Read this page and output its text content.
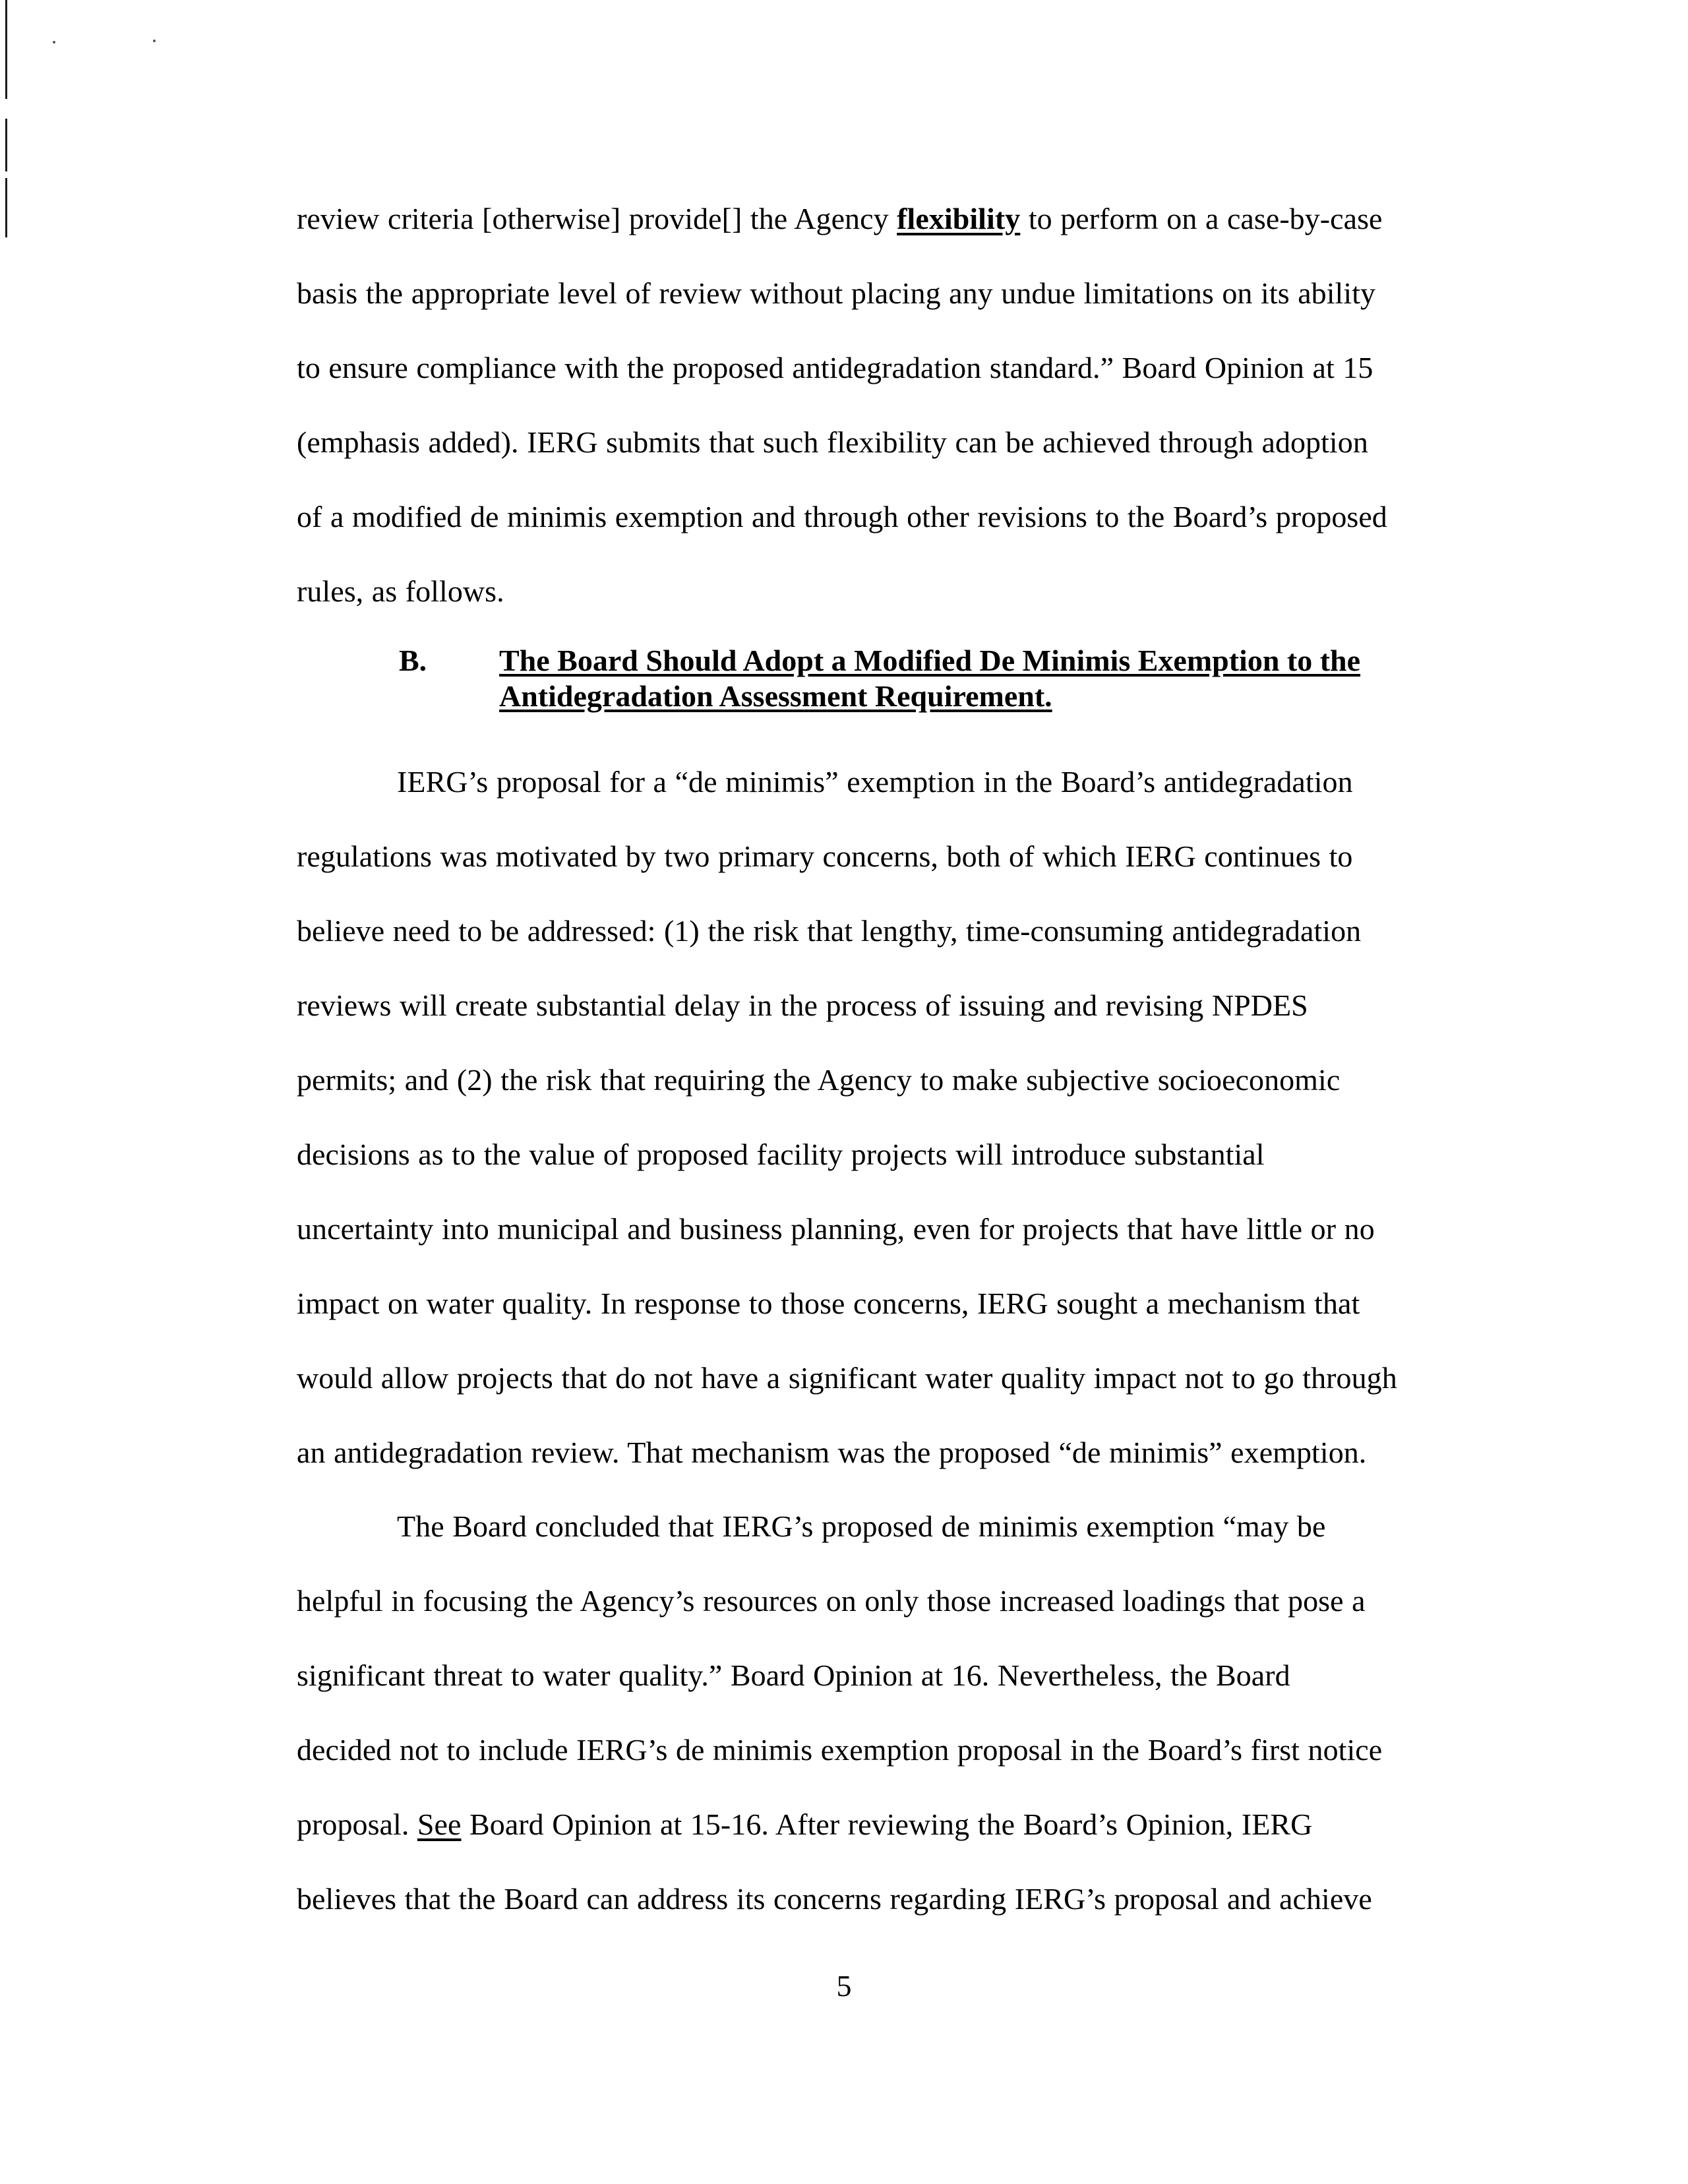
review criteria [otherwise] provide[] the Agency flexibility to perform on a case-by-case
basis the appropriate level of review without placing any undue limitations on its ability
to ensure compliance with the proposed antidegradation standard.” Board Opinion at 15
(emphasis added). IERG submits that such flexibility can be achieved through adoption
of a modified de minimis exemption and through other revisions to the Board’s proposed
rules, as follows.
B. The Board Should Adopt a Modified De Minimis Exemption to the
Antidegradation Assessment Requirement.
IERG’s proposal for a “de minimis” exemption in the Board’s antidegradation
regulations was motivated by two primary concerns, both of which IERG continues to
believe need to be addressed: (1) the risk that lengthy, time-consuming antidegradation
reviews will create substantial delay in the process of issuing and revising NPDES
permits; and (2) the risk that requiring the Agency to make subjective socioeconomic
decisions as to the value of proposed facility projects will introduce substantial
uncertainty into municipal and business planning, even for projects that have little or no
impact on water quality. In response to those concerns, IERG sought a mechanism that
would allow projects that do not have a significant water quality impact not to go through
an antidegradation review. That mechanism was the proposed “de minimis” exemption.
The Board concluded that IERG’s proposed de minimis exemption “may be
helpful in focusing the Agency’s resources on only those increased loadings that pose a
significant threat to water quality.” Board Opinion at 16. Nevertheless, the Board
decided not to include IERG’s de minimis exemption proposal in the Board’s first notice
proposal. See Board Opinion at 15-16. After reviewing the Board’s Opinion, IERG
believes that the Board can address its concerns regarding IERG’s proposal and achieve
5
